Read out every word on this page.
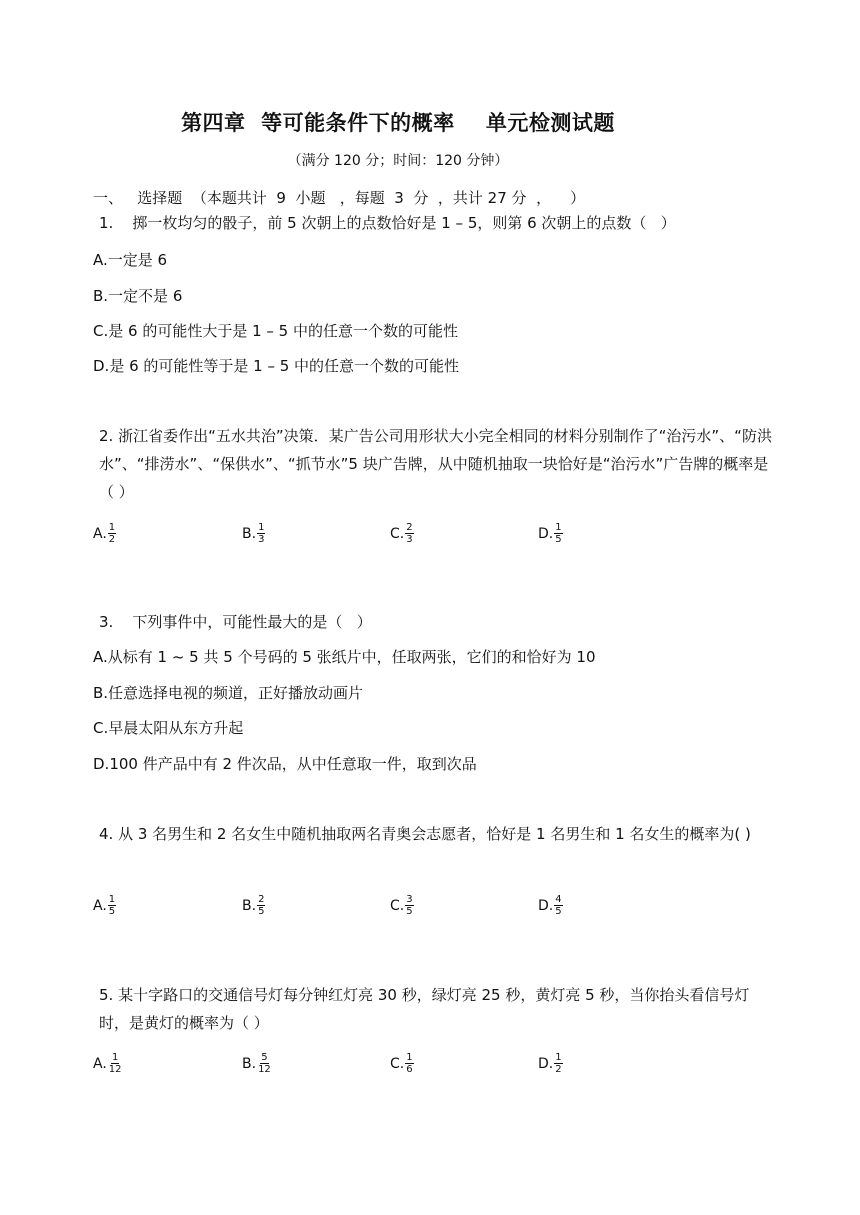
第四章  等可能条件下的概率    单元检测试题
（满分 120 分；时间：120 分钟）
一、   选择题  （本题共计  9  小题   ，每题  3  分  ，共计 27 分  ，    ）
1.    掷一枚均匀的骰子，前 5 次朝上的点数恰好是 1 – 5，则第 6 次朝上的点数（   ）
A.一定是 6
B.一定不是 6
C.是 6 的可能性大于是 1 – 5 中的任意一个数的可能性
D.是 6 的可能性等于是 1 – 5 中的任意一个数的可能性
2. 浙江省委作出“五水共治”决策．某广告公司用形状大小完全相同的材料分别制作了“治污水”、“防洪水”、“排涝水”、“保供水”、“抓节水”5 块广告牌，从中随机抽取一块恰好是“治污水”广告牌的概率是（ ）
A. $\frac{1}{2}$	B. $\frac{1}{3}$	C. $\frac{2}{3}$	D. $\frac{1}{5}$
3.    下列事件中，可能性最大的是（   ）
A.从标有 1 ~ 5 共 5 个号码的 5 张纸片中，任取两张，它们的和恰好为 10
B.任意选择电视的频道，正好播放动画片
C.早晨太阳从东方升起
D.100 件产品中有 2 件次品，从中任意取一件，取到次品
4. 从 3 名男生和 2 名女生中随机抽取两名青奥会志愿者，恰好是 1 名男生和 1 名女生的概率为( )
A. $\frac{1}{5}$	B. $\frac{2}{5}$	C. $\frac{3}{5}$	D. $\frac{4}{5}$
5. 某十字路口的交通信号灯每分钟红灯亮 30 秒，绿灯亮 25 秒，黄灯亮 5 秒，当你抬头看信号灯时，是黄灯的概率为（ ）
A. $\frac{1}{12}$	B. $\frac{5}{12}$	C. $\frac{1}{6}$	D. $\frac{1}{2}$
